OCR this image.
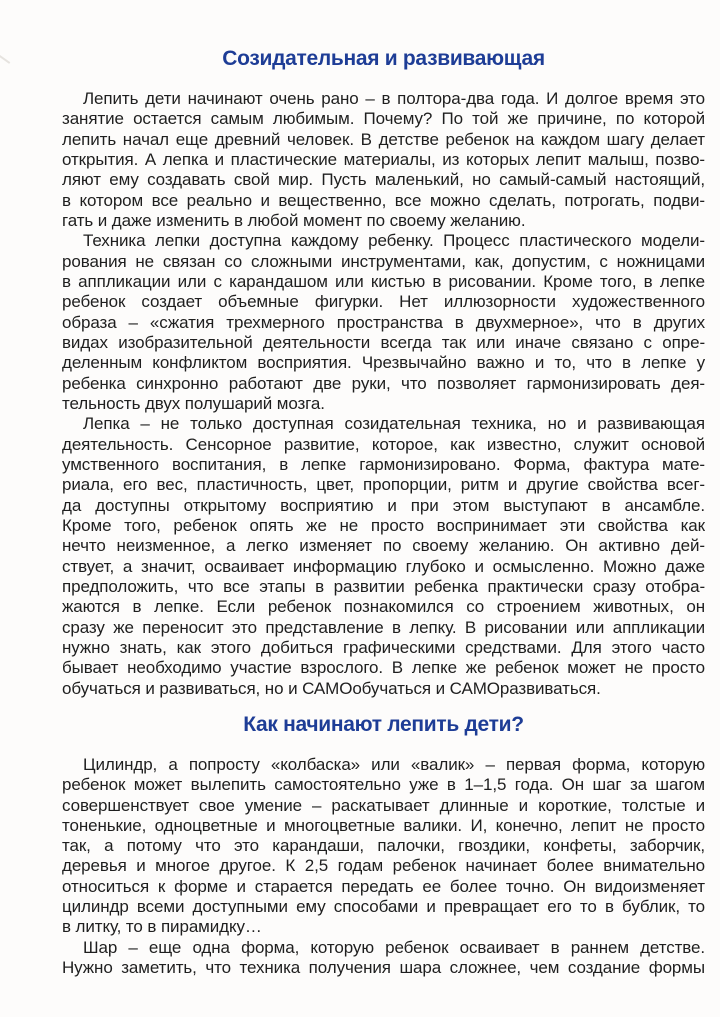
Созидательная и развивающая
Лепить дети начинают очень рано – в полтора-два года. И долгое время это
занятие остается самым любимым. Почему? По той же причине, по которой
лепить начал еще древний человек. В детстве ребенок на каждом шагу делает
открытия. А лепка и пластические материалы, из которых лепит малыш, позво-
ляют ему создавать свой мир. Пусть маленький, но самый-самый настоящий,
в котором все реально и вещественно, все можно сделать, потрогать, подви-
гать и даже изменить в любой момент по своему желанию.
Техника лепки доступна каждому ребенку. Процесс пластического модели-
рования не связан со сложными инструментами, как, допустим, с ножницами
в аппликации или с карандашом или кистью в рисовании. Кроме того, в лепке
ребенок создает объемные фигурки. Нет иллюзорности художественного
образа – «сжатия трехмерного пространства в двухмерное», что в других
видах изобразительной деятельности всегда так или иначе связано с опре-
деленным конфликтом восприятия. Чрезвычайно важно и то, что в лепке у
ребенка синхронно работают две руки, что позволяет гармонизировать дея-
тельность двух полушарий мозга.
Лепка – не только доступная созидательная техника, но и развивающая
деятельность. Сенсорное развитие, которое, как известно, служит основой
умственного воспитания, в лепке гармонизировано. Форма, фактура мате-
риала, его вес, пластичность, цвет, пропорции, ритм и другие свойства всег-
да доступны открытому восприятию и при этом выступают в ансамбле.
Кроме того, ребенок опять же не просто воспринимает эти свойства как
нечто неизменное, а легко изменяет по своему желанию. Он активно дей-
ствует, а значит, осваивает информацию глубоко и осмысленно. Можно даже
предположить, что все этапы в развитии ребенка практически сразу отобра-
жаются в лепке. Если ребенок познакомился со строением животных, он
сразу же переносит это представление в лепку. В рисовании или аппликации
нужно знать, как этого добиться графическими средствами. Для этого часто
бывает необходимо участие взрослого. В лепке же ребенок может не просто
обучаться и развиваться, но и САМОобучаться и САМОразвиваться.
Как начинают лепить дети?
Цилиндр, а попросту «колбаска» или «валик» – первая форма, которую
ребенок может вылепить самостоятельно уже в 1–1,5 года. Он шаг за шагом
совершенствует свое умение – раскатывает длинные и короткие, толстые и
тоненькие, одноцветные и многоцветные валики. И, конечно, лепит не просто
так, а потому что это карандаши, палочки, гвоздики, конфеты, заборчик,
деревья и многое другое. К 2,5 годам ребенок начинает более внимательно
относиться к форме и старается передать ее более точно. Он видоизменяет
цилиндр всеми доступными ему способами и превращает его то в бублик, то
в литку, то в пирамидку…
Шар – еще одна форма, которую ребенок осваивает в раннем детстве.
Нужно заметить, что техника получения шара сложнее, чем создание формы
